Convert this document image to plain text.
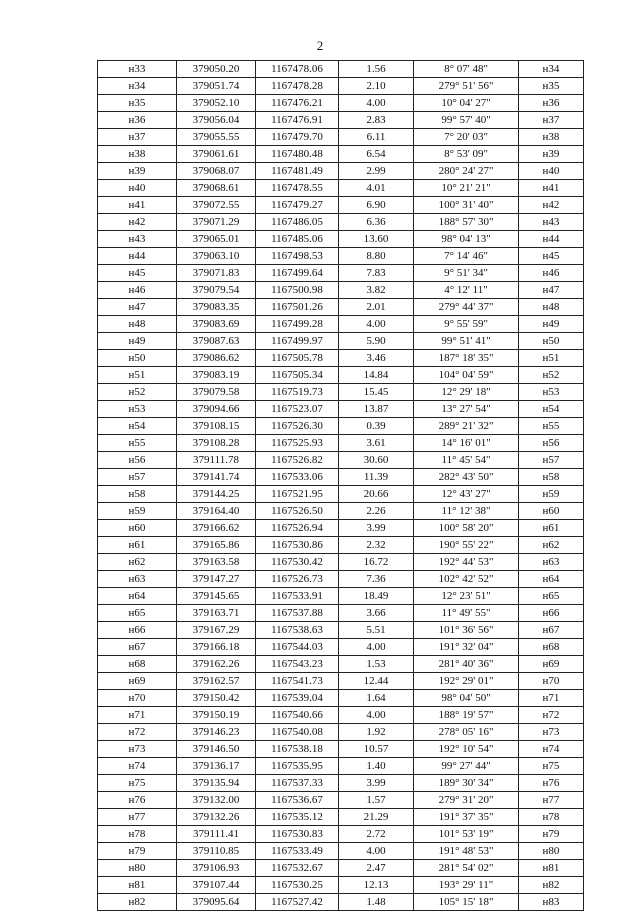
2
н33	379050.20	1167478.06	1.56	8° 07' 48"	н34
н34	379051.74	1167478.28	2.10	279° 51' 56"	н35
н35	379052.10	1167476.21	4.00	10° 04' 27"	н36
н36	379056.04	1167476.91	2.83	99° 57' 40"	н37
н37	379055.55	1167479.70	6.11	7° 20' 03"	н38
н38	379061.61	1167480.48	6.54	8° 53' 09"	н39
н39	379068.07	1167481.49	2.99	280° 24' 27"	н40
н40	379068.61	1167478.55	4.01	10° 21' 21"	н41
н41	379072.55	1167479.27	6.90	100° 31' 40"	н42
н42	379071.29	1167486.05	6.36	188° 57' 30"	н43
н43	379065.01	1167485.06	13.60	98° 04' 13"	н44
н44	379063.10	1167498.53	8.80	7° 14' 46"	н45
н45	379071.83	1167499.64	7.83	9° 51' 34"	н46
н46	379079.54	1167500.98	3.82	4° 12' 11"	н47
н47	379083.35	1167501.26	2.01	279° 44' 37"	н48
н48	379083.69	1167499.28	4.00	9° 55' 59"	н49
н49	379087.63	1167499.97	5.90	99° 51' 41"	н50
н50	379086.62	1167505.78	3.46	187° 18' 35"	н51
н51	379083.19	1167505.34	14.84	104° 04' 59"	н52
н52	379079.58	1167519.73	15.45	12° 29' 18"	н53
н53	379094.66	1167523.07	13.87	13° 27' 54"	н54
н54	379108.15	1167526.30	0.39	289° 21' 32"	н55
н55	379108.28	1167525.93	3.61	14° 16' 01"	н56
н56	379111.78	1167526.82	30.60	11° 45' 54"	н57
н57	379141.74	1167533.06	11.39	282° 43' 50"	н58
н58	379144.25	1167521.95	20.66	12° 43' 27"	н59
н59	379164.40	1167526.50	2.26	11° 12' 38"	н60
н60	379166.62	1167526.94	3.99	100° 58' 20"	н61
н61	379165.86	1167530.86	2.32	190° 55' 22"	н62
н62	379163.58	1167530.42	16.72	192° 44' 53"	н63
н63	379147.27	1167526.73	7.36	102° 42' 52"	н64
н64	379145.65	1167533.91	18.49	12° 23' 51"	н65
н65	379163.71	1167537.88	3.66	11° 49' 55"	н66
н66	379167.29	1167538.63	5.51	101° 36' 56"	н67
н67	379166.18	1167544.03	4.00	191° 32' 04"	н68
н68	379162.26	1167543.23	1.53	281° 40' 36"	н69
н69	379162.57	1167541.73	12.44	192° 29' 01"	н70
н70	379150.42	1167539.04	1.64	98° 04' 50"	н71
н71	379150.19	1167540.66	4.00	188° 19' 57"	н72
н72	379146.23	1167540.08	1.92	278° 05' 16"	н73
н73	379146.50	1167538.18	10.57	192° 10' 54"	н74
н74	379136.17	1167535.95	1.40	99° 27' 44"	н75
н75	379135.94	1167537.33	3.99	189° 30' 34"	н76
н76	379132.00	1167536.67	1.57	279° 31' 20"	н77
н77	379132.26	1167535.12	21.29	191° 37' 35"	н78
н78	379111.41	1167530.83	2.72	101° 53' 19"	н79
н79	379110.85	1167533.49	4.00	191° 48' 53"	н80
н80	379106.93	1167532.67	2.47	281° 54' 02"	н81
н81	379107.44	1167530.25	12.13	193° 29' 11"	н82
н82	379095.64	1167527.42	1.48	105° 15' 18"	н83
